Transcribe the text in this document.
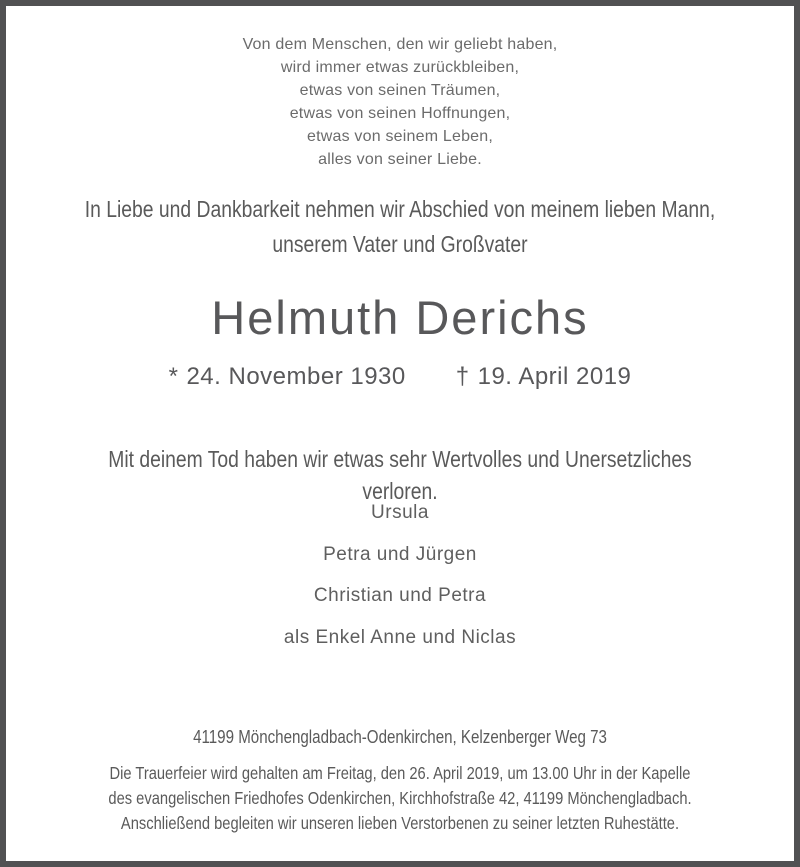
Von dem Menschen, den wir geliebt haben,
wird immer etwas zurückbleiben,
etwas von seinen Träumen,
etwas von seinen Hoffnungen,
etwas von seinem Leben,
alles von seiner Liebe.
In Liebe und Dankbarkeit nehmen wir Abschied von meinem lieben Mann,
unserem Vater und Großvater
Helmuth Derichs
* 24. November 1930 † 19. April 2019
Mit deinem Tod haben wir etwas sehr Wertvolles und Unersetzliches verloren.
Ursula
Petra und Jürgen
Christian und Petra
als Enkel Anne und Niclas
41199 Mönchengladbach-Odenkirchen, Kelzenberger Weg 73
Die Trauerfeier wird gehalten am Freitag, den 26. April 2019, um 13.00 Uhr in der Kapelle
des evangelischen Friedhofes Odenkirchen, Kirchhofstraße 42, 41199 Mönchengladbach.
Anschließend begleiten wir unseren lieben Verstorbenen zu seiner letzten Ruhestätte.
